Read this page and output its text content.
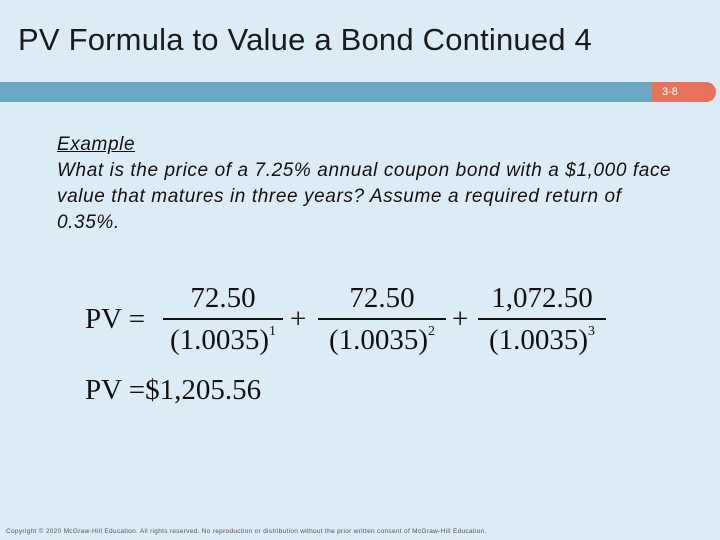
PV Formula to Value a Bond Continued 4
3-8
Example
What is the price of a 7.25% annual coupon bond with a $1,000 face value that matures in three years? Assume a required return of 0.35%.
PV =
72.50
$(1.0035)^1$ +
72.50
$(1.0035)^2$ +
1,072.50
$(1.0035)^3$
PV =$1,205.56
Copyright © 2020 McGraw-Hill Education. All rights reserved. No reproduction or distribution without the prior written consent of McGraw-Hill Education.
